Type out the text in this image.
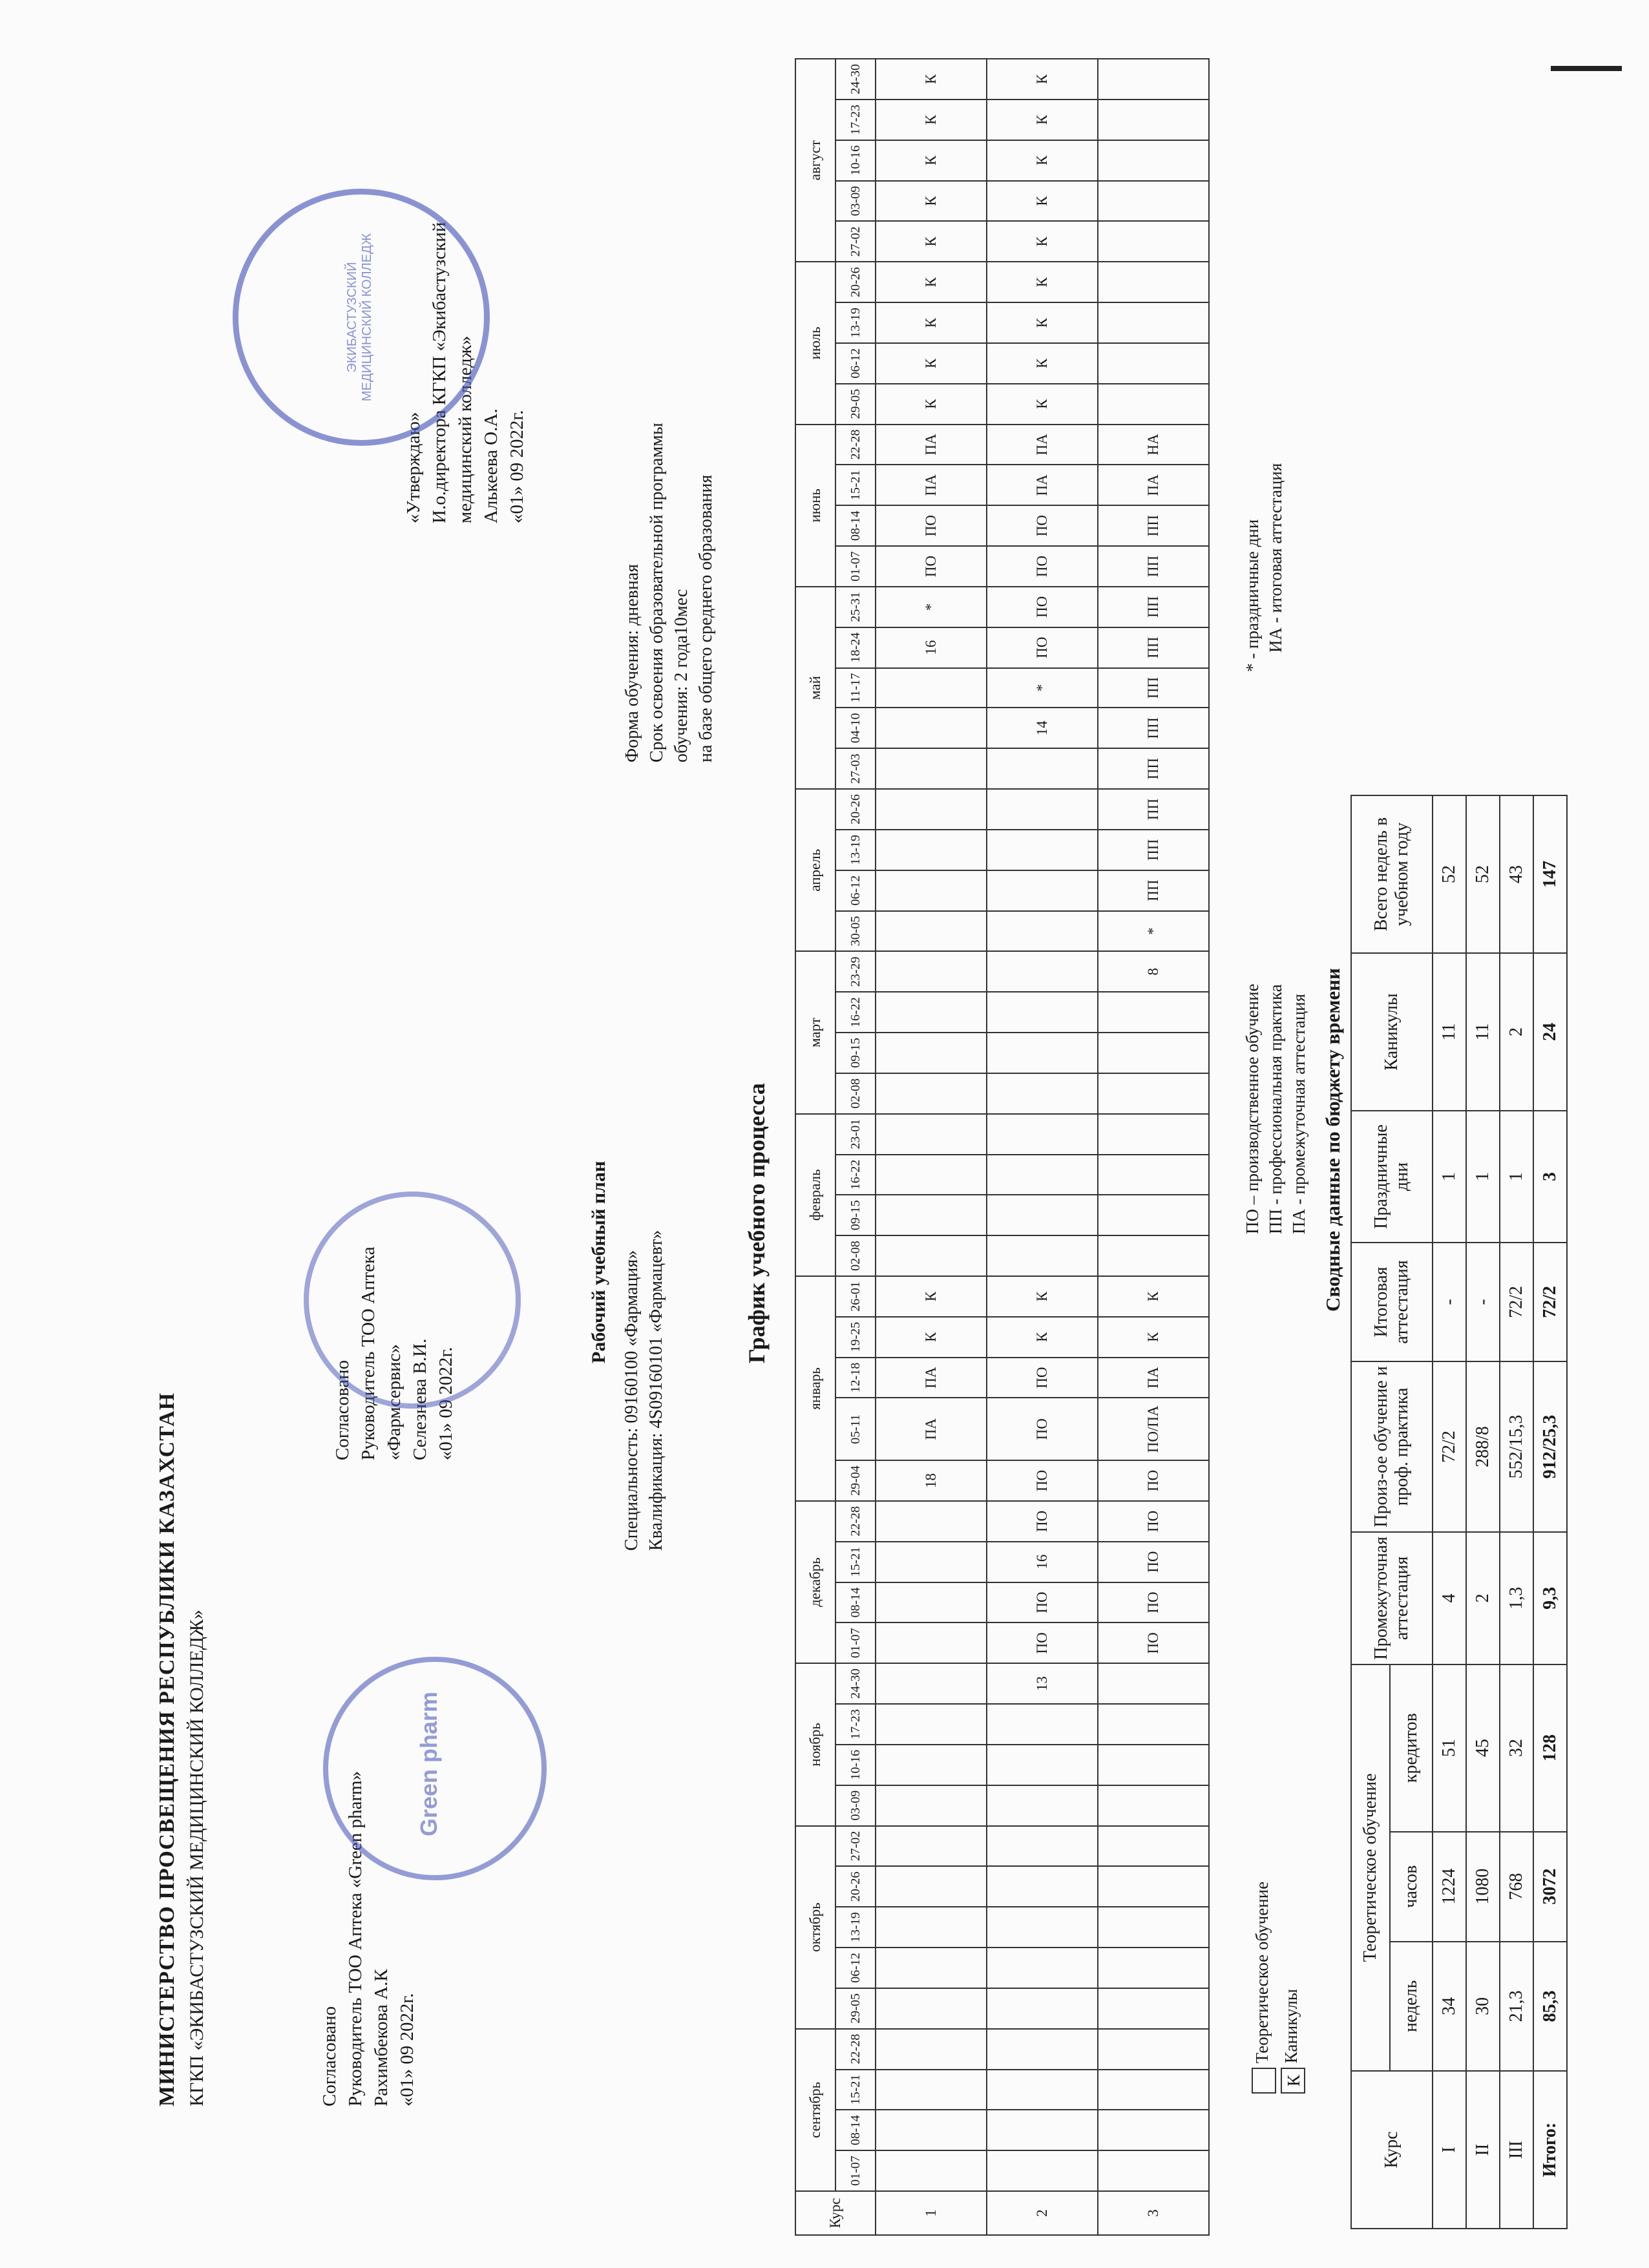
МИНИСТЕРСТВО ПРОСВЕЩЕНИЯ РЕСПУБЛИКИ КАЗАХСТАН КГКП «ЭКИБАСТУЗСКИЙ МЕДИЦИНСКИЙ КОЛЛЕДЖ»	Согласовано Руководитель ТОО Аптека «Green pharm» Рахимбекова А.К «01» 09 2022г.
Согласовано Руководитель ТОО Аптека «Фармсервис» Селезнева В.И. «01» 09 2022г.
«Утверждаю» И.о.директора КГКП «Экибастузский медицинский колледж» Алькеева О.А. «01» 09 2022г.
Green pharm
ЭКИБАСТУЗСКИЙ МЕДИЦИНСКИЙ КОЛЛЕДЖ
Рабочий учебный план Специальность: 09160100 «Фармация» Квалификация: 4S09160101 «Фармацевт»
Форма обучения: дневная Срок освоения образовательной программы обучения: 2 года10мес на базе общего среднего образования
График учебного процесса
Курс	сентябрь				октябрь					ноябрь				декабрь				январь					февраль				март				апрель				май					июнь				июль				август				
	01-07	08-14	15-21	22-28	29-05	06-12	13-19	20-26	27-02	03-09	10-16	17-23	24-30	01-07	08-14	15-21	22-28	29-04	05-11	12-18	19-25	26-01	02-08	09-15	16-22	23-01	02-08	09-15	16-22	23-29	30-05	06-12	13-19	20-26	27-03	04-10	11-17	18-24	25-31	01-07	08-14	15-21	22-28	29-05	06-12	13-19	20-26	27-02	03-09	10-16	17-23	24-30
1																		18	ПА	ПА	К	К																16	*	ПО	ПО	ПА	ПА	К	К	К	К	К	К	К	К	К
2													13	ПО	ПО	16	ПО	ПО	ПО	ПО	К	К														14	*	ПО	ПО	ПО	ПО	ПА	ПА	К	К	К	К	К	К	К	К	К
3														ПО	ПО	ПО	ПО	ПО	ПО/ПА	ПА	К	К								8	*	ПП	ПП	ПП	ПП	ПП	ПП	ПП	ПП	ПП	ПП	ПА	НА									
Теоретическое обучение
К Каникулы
ПО – производственное обучение ПП - профессиональная практика ПА - промежуточная аттестация
* - праздничные дни ИА - итоговая аттестация
Сводные данные по бюджету времени
Курс	Теоретическое обучение			Промежуточная аттестация	Произ-ое обучение и проф. практика	Итоговая аттестация	Праздничные дни	Каникулы	Всего недель в учебном году
	недель	часов	кредитов						
I	34	1224	51	4	72/2	-	1	11	52
II	30	1080	45	2	288/8	-	1	11	52
III	21,3	768	32	1,3	552/15,3	72/2	1	2	43
Итого:	85,3	3072	128	9,3	912/25,3	72/2	3	24	147
